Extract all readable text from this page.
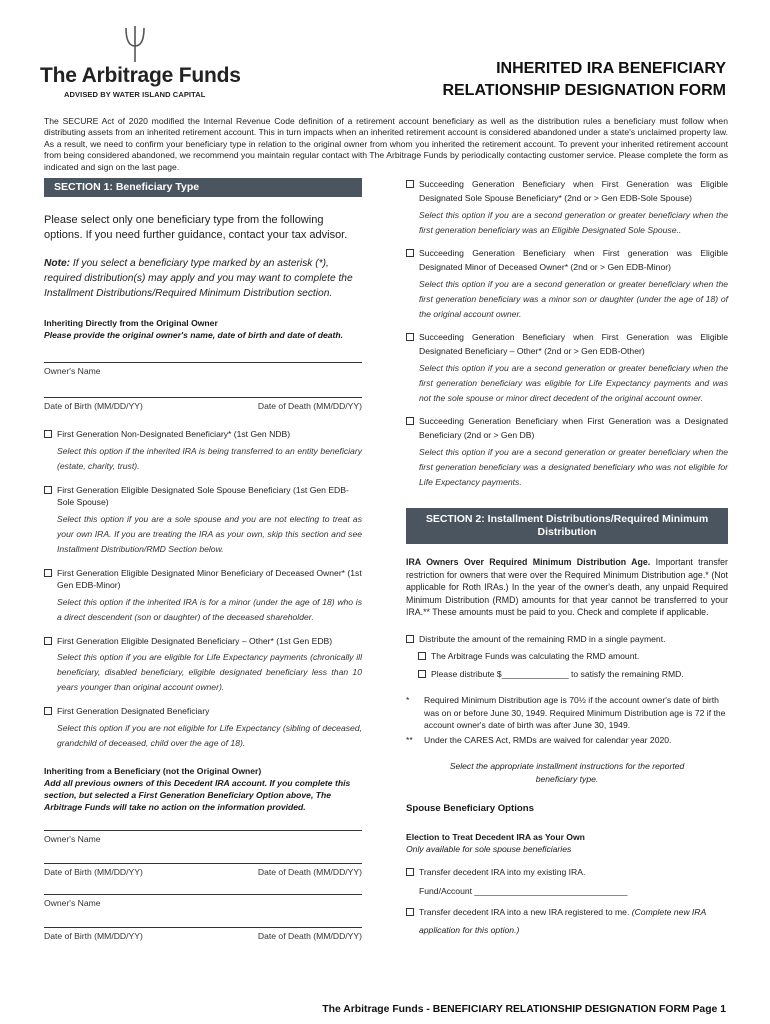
The Arbitrage Funds
ADVISED BY WATER ISLAND CAPITAL
INHERITED IRA BENEFICIARY
RELATIONSHIP DESIGNATION FORM
The SECURE Act of 2020 modified the Internal Revenue Code definition of a retirement account beneficiary as well as the distribution rules a beneficiary must follow when distributing assets from an inherited retirement account. This in turn impacts when an inherited retirement account is considered abandoned under a state's unclaimed property law. As a result, we need to confirm your beneficiary type in relation to the original owner from whom you inherited the retirement account. To prevent your inherited retirement account from being considered abandoned, we recommend you maintain regular contact with The Arbitrage Funds by periodically contacting customer service. Please complete the form as indicated and sign on the last page.
SECTION 1: Beneficiary Type
Please select only one beneficiary type from the following options. If you need further guidance, contact your tax advisor.
Note: If you select a beneficiary type marked by an asterisk (*), required distribution(s) may apply and you may want to complete the Installment Distributions/Required Minimum Distribution section.
Inheriting Directly from the Original Owner
Please provide the original owner's name, date of birth and date of death.
Owner's Name
Date of Birth (MM/DD/YY)	Date of Death (MM/DD/YY)
First Generation Non-Designated Beneficiary* (1st Gen NDB)
Select this option if the inherited IRA is being transferred to an entity beneficiary (estate, charity, trust).
First Generation Eligible Designated Sole Spouse Beneficiary (1st Gen EDB-Sole Spouse)
Select this option if you are a sole spouse and you are not electing to treat as your own IRA. If you are treating the IRA as your own, skip this section and see Installment Distribution/RMD Section below.
First Generation Eligible Designated Minor Beneficiary of Deceased Owner* (1st Gen EDB-Minor)
Select this option if the inherited IRA is for a minor (under the age of 18) who is a direct descendent (son or daughter) of the deceased shareholder.
First Generation Eligible Designated Beneficiary – Other* (1st Gen EDB)
Select this option if you are eligible for Life Expectancy payments (chronically ill beneficiary, disabled beneficiary, eligible designated beneficiary less than 10 years younger than original account owner).
First Generation Designated Beneficiary
Select this option if you are not eligible for Life Expectancy (sibling of deceased, grandchild of deceased, child over the age of 18).
Inheriting from a Beneficiary (not the Original Owner)
Add all previous owners of this Decedent IRA account. If you complete this section, but selected a First Generation Beneficiary Option above, The Arbitrage Funds will take no action on the information provided.
Owner's Name
Date of Birth (MM/DD/YY)	Date of Death (MM/DD/YY)
Owner's Name
Date of Birth (MM/DD/YY)	Date of Death (MM/DD/YY)
Succeeding Generation Beneficiary when First Generation was Eligible Designated Sole Spouse Beneficiary* (2nd or > Gen EDB-Sole Spouse)
Select this option if you are a second generation or greater beneficiary when the first generation beneficiary was an Eligible Designated Sole Spouse..
Succeeding Generation Beneficiary when First generation was Eligible Designated Minor of Deceased Owner* (2nd or > Gen EDB-Minor)
Select this option if you are a second generation or greater beneficiary when the first generation beneficiary was a minor son or daughter (under the age of 18) of the original account owner.
Succeeding Generation Beneficiary when First Generation was Eligible Designated Beneficiary – Other* (2nd or > Gen EDB-Other)
Select this option if you are a second generation or greater beneficiary when the first generation beneficiary was eligible for Life Expectancy payments and was not the sole spouse or minor direct decedent of the original account owner.
Succeeding Generation Beneficiary when First Generation was a Designated Beneficiary (2nd or > Gen DB)
Select this option if you are a second generation or greater beneficiary when the first generation beneficiary was a designated beneficiary who was not eligible for Life Expectancy payments.
SECTION 2: Installment Distributions/Required Minimum
Distribution
IRA Owners Over Required Minimum Distribution Age. Important transfer restriction for owners that were over the Required Minimum Distribution age.* (Not applicable for Roth IRAs.) In the year of the owner's death, any unpaid Required Minimum Distribution (RMD) amounts for that year cannot be transferred to your IRA.** These amounts must be paid to you. Check and complete if applicable.
Distribute the amount of the remaining RMD in a single payment.
The Arbitrage Funds was calculating the RMD amount.
Please distribute $______________ to satisfy the remaining RMD.
*	Required Minimum Distribution age is 70½ if the account owner's date of birth was on or before June 30, 1949. Required Minimum Distribution age is 72 if the account owner's date of birth was after June 30, 1949.
**	Under the CARES Act, RMDs are waived for calendar year 2020.
Select the appropriate installment instructions for the reported beneficiary type.
Spouse Beneficiary Options
Election to Treat Decedent IRA as Your Own
Only available for sole spouse beneficiaries
Transfer decedent IRA into my existing IRA.
Fund/Account ________________________________
Transfer decedent IRA into a new IRA registered to me. (Complete new IRA application for this option.)
The Arbitrage Funds - BENEFICIARY RELATIONSHIP DESIGNATION FORM Page 1
